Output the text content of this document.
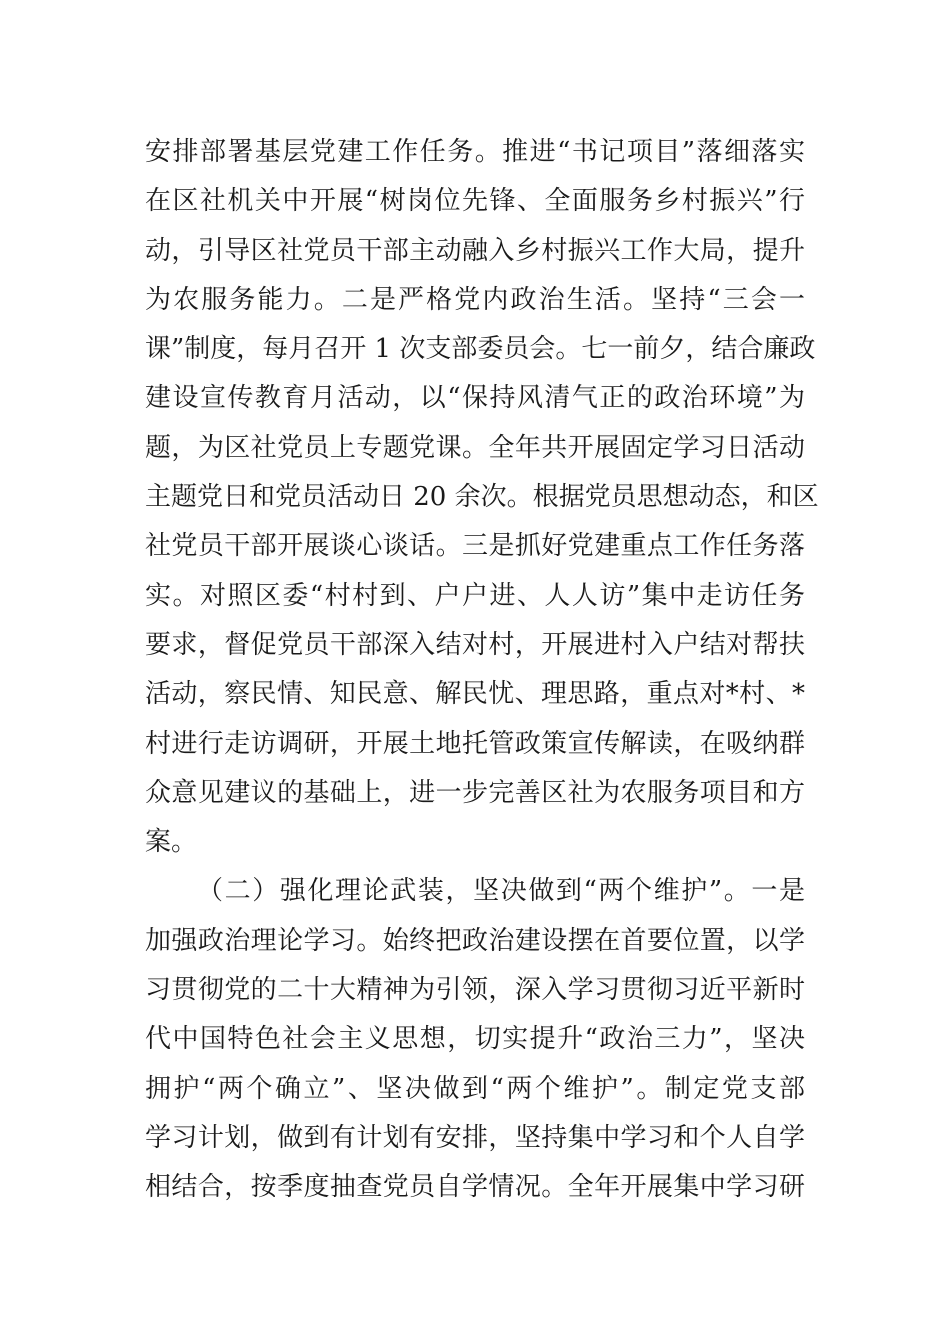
安排部署基层党建工作任务。推进“书记项目”落细落实
在区社机关中开展“树岗位先锋、全面服务乡村振兴”行
动，引导区社党员干部主动融入乡村振兴工作大局，提升
为农服务能力。二是严格党内政治生活。坚持“三会一
课”制度，每月召开 1 次支部委员会。七一前夕，结合廉政
建设宣传教育月活动，以“保持风清气正的政治环境”为
题，为区社党员上专题党课。全年共开展固定学习日活动
主题党日和党员活动日 20 余次。根据党员思想动态，和区
社党员干部开展谈心谈话。三是抓好党建重点工作任务落
实。对照区委“村村到、户户进、人人访”集中走访任务
要求，督促党员干部深入结对村，开展进村入户结对帮扶
活动，察民情、知民意、解民忧、理思路，重点对*村、*
村进行走访调研，开展土地托管政策宣传解读，在吸纳群
众意见建议的基础上，进一步完善区社为农服务项目和方
案。
（二）强化理论武装，坚决做到“两个维护”。一是
加强政治理论学习。始终把政治建设摆在首要位置，以学
习贯彻党的二十大精神为引领，深入学习贯彻习近平新时
代中国特色社会主义思想，切实提升“政治三力”，坚决
拥护“两个确立”、坚决做到“两个维护”。制定党支部
学习计划，做到有计划有安排，坚持集中学习和个人自学
相结合，按季度抽查党员自学情况。全年开展集中学习研
